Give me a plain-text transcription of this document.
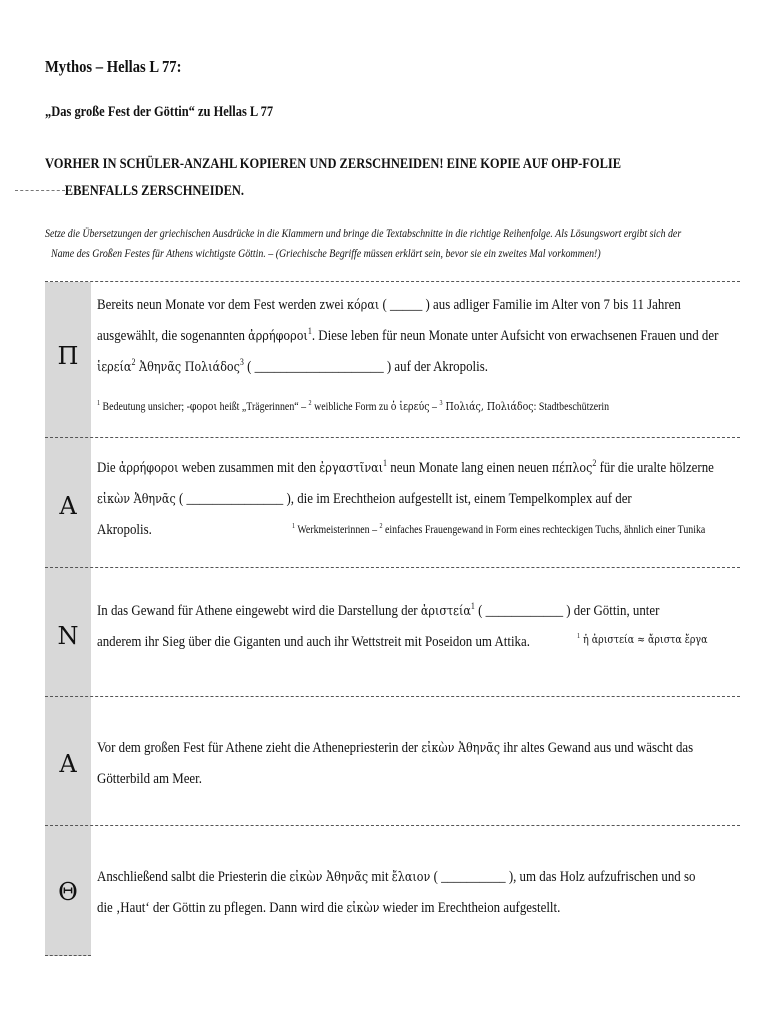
Mythos – Hellas L 77:
„Das große Fest der Göttin“ zu Hellas L 77
VORHER IN SCHÜLER-ANZAHL KOPIEREN UND ZERSCHNEIDEN! EINE KOPIE AUF OHP-FOLIE
EBENFALLS ZERSCHNEIDEN.
Setze die Übersetzungen der griechischen Ausdrücke in die Klammern und bringe die Textabschnitte in die richtige Reihenfolge. Als Lösungswort ergibt sich der
Name des Großen Festes für Athens wichtigste Göttin. – (Griechische Begriffe müssen erklärt sein, bevor sie ein zweites Mal vorkommen!)
Π
Bereits neun Monate vor dem Fest werden zwei κόραι ( _____ ) aus adliger Familie im Alter von 7 bis 11 Jahren
ausgewählt, die sogenannten ἀρρήφοροι$^1$. Diese leben für neun Monate unter Aufsicht von erwachsenen Frauen und der
ἱερεία$^2$ Ἀθηνᾶς Πολιάδος$^3$ ( ____________________ ) auf der Akropolis.
$^1$ Bedeutung unsicher; -φοροι heißt „Trägerinnen“ – $^2$ weibliche Form zu ὁ ἱερεύς – $^3$ Πολιάς, Πολιάδος: Stadtbeschützerin
A
Die ἀρρήφοροι weben zusammen mit den ἐργαστῖναι$^1$ neun Monate lang einen neuen πέπλος$^2$ für die uralte hölzerne
εἰκὼν Ἀθηνᾶς ( _______________ ), die im Erechtheion aufgestellt ist, einem Tempelkomplex auf der
Akropolis.	$^1$ Werkmeisterinnen – $^2$ einfaches Frauengewand in Form eines rechteckigen Tuchs, ähnlich einer Tunika
N
In das Gewand für Athene eingewebt wird die Darstellung der ἀριστεία$^1$ ( ____________ ) der Göttin, unter
anderem ihr Sieg über die Giganten und auch ihr Wettstreit mit Poseidon um Attika.	$^1$ ἡ ἀριστεία ≈ ἄριστα ἔργα
A
Vor dem großen Fest für Athene zieht die Athenepriesterin der εἰκὼν Ἀθηνᾶς ihr altes Gewand aus und wäscht das
Götterbild am Meer.
Θ
Anschließend salbt die Priesterin die εἰκὼν Ἀθηνᾶς mit ἔλαιον ( __________ ), um das Holz aufzufrischen und so
die ‚Haut‘ der Göttin zu pflegen. Dann wird die εἰκὼν wieder im Erechtheion aufgestellt.
